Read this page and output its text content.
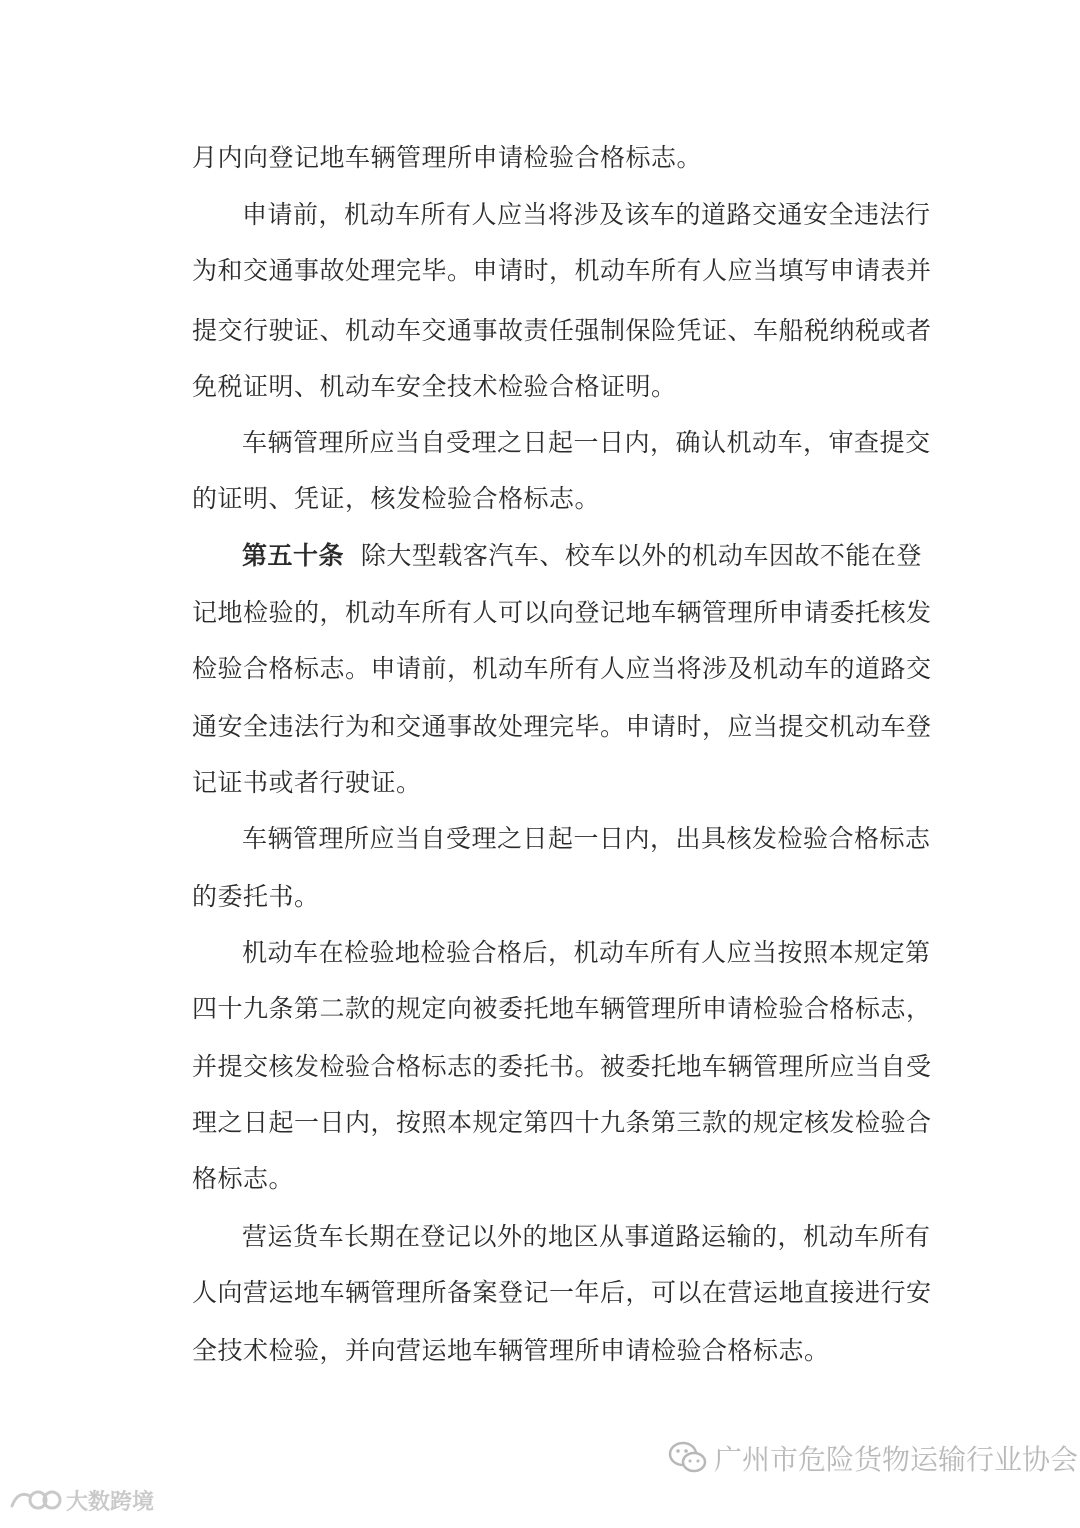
月内向登记地车辆管理所申请检验合格标志。
申请前，机动车所有人应当将涉及该车的道路交通安全违法行
为和交通事故处理完毕。申请时，机动车所有人应当填写申请表并
提交行驶证、机动车交通事故责任强制保险凭证、车船税纳税或者
免税证明、机动车安全技术检验合格证明。
车辆管理所应当自受理之日起一日内，确认机动车，审查提交
的证明、凭证，核发检验合格标志。
第五十条 除大型载客汽车、校车以外的机动车因故不能在登
记地检验的，机动车所有人可以向登记地车辆管理所申请委托核发
检验合格标志。申请前，机动车所有人应当将涉及机动车的道路交
通安全违法行为和交通事故处理完毕。申请时，应当提交机动车登
记证书或者行驶证。
车辆管理所应当自受理之日起一日内，出具核发检验合格标志
的委托书。
机动车在检验地检验合格后，机动车所有人应当按照本规定第
四十九条第二款的规定向被委托地车辆管理所申请检验合格标志，
并提交核发检验合格标志的委托书。被委托地车辆管理所应当自受
理之日起一日内，按照本规定第四十九条第三款的规定核发检验合
格标志。
营运货车长期在登记以外的地区从事道路运输的，机动车所有
人向营运地车辆管理所备案登记一年后，可以在营运地直接进行安
全技术检验，并向营运地车辆管理所申请检验合格标志。
广州市危险货物运输行业协会
大数跨境
